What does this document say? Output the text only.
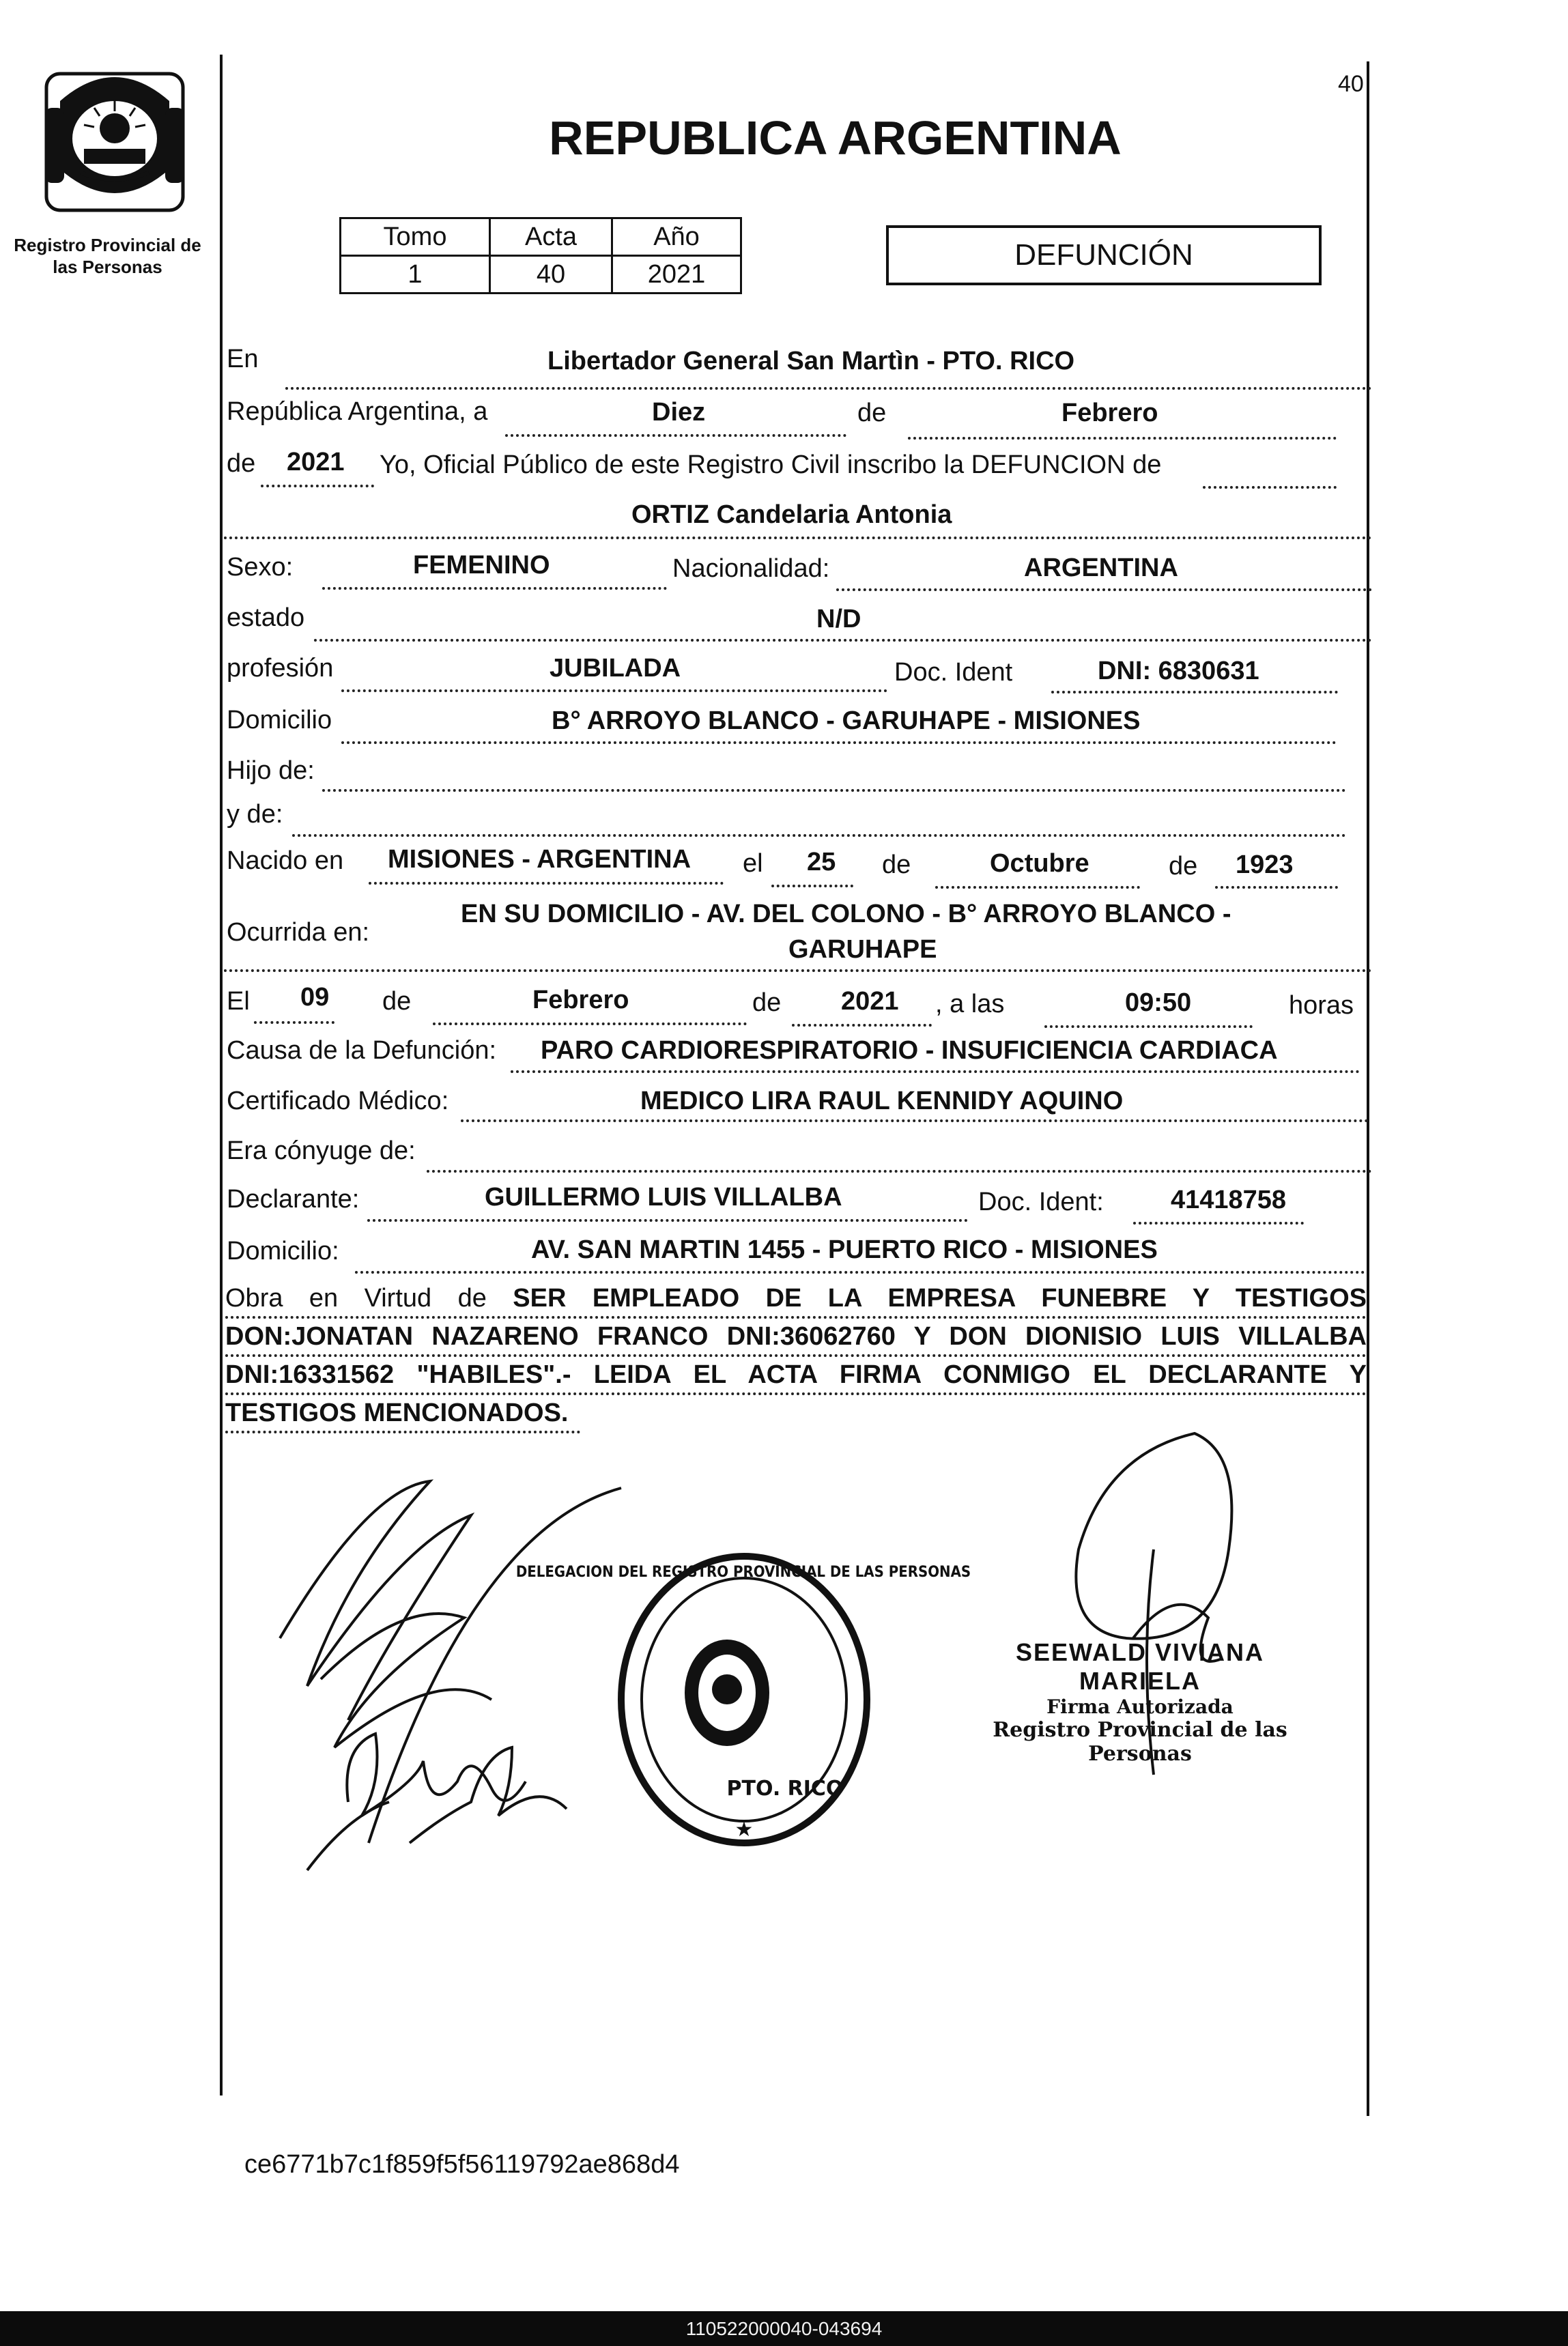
Registro Provincial de
las Personas
40
REPUBLICA ARGENTINA
Tomo	Acta	Año
1	40	2021
DEFUNCIÓN
En	Libertador General San Martìn - PTO. RICO
República Argentina, a	Diez	de	Febrero
de 2021 Yo, Oficial Público de este Registro Civil inscribo la DEFUNCION de
ORTIZ Candelaria Antonia
Sexo:	FEMENINO	Nacionalidad:	ARGENTINA
estado	N/D
profesión	JUBILADA	Doc. Ident	DNI: 6830631
Domicilio	B° ARROYO BLANCO - GARUHAPE - MISIONES
Hijo de:
y de:
Nacido en MISIONES - ARGENTINA el 25 de	Octubre	de 1923
Ocurrida en:
EN SU DOMICILIO - AV. DEL COLONO - B° ARROYO BLANCO -
GARUHAPE
El 09 de	Febrero	de 2021 , a las	09:50	horas
Causa de la Defunción: PARO CARDIORESPIRATORIO - INSUFICIENCIA CARDIACA
Certificado Médico:	MEDICO LIRA RAUL KENNIDY AQUINO
Era cónyuge de:
Declarante:	GUILLERMO LUIS VILLALBA	Doc. Ident:	41418758
Domicilio:	AV. SAN MARTIN 1455 - PUERTO RICO - MISIONES

Obra en Virtud de SER EMPLEADO DE LA EMPRESA FUNEBRE Y TESTIGOS

DON:JONATAN NAZARENO FRANCO DNI:36062760 Y DON DIONISIO LUIS VILLALBA

DNI:16331562 "HABILES".- LEIDA EL ACTA FIRMA CONMIGO EL DECLARANTE Y

TESTIGOS MENCIONADOS.

DELEGACION DEL REGISTRO PROVINCIAL DE LAS PERSONAS
PTO. RICO
★
SEEWALD VIVIANA MARIELA
Firma Autorizada
Registro Provincial de las Personas
ce6771b7c1f859f5f56119792ae868d4
110522000040-043694
